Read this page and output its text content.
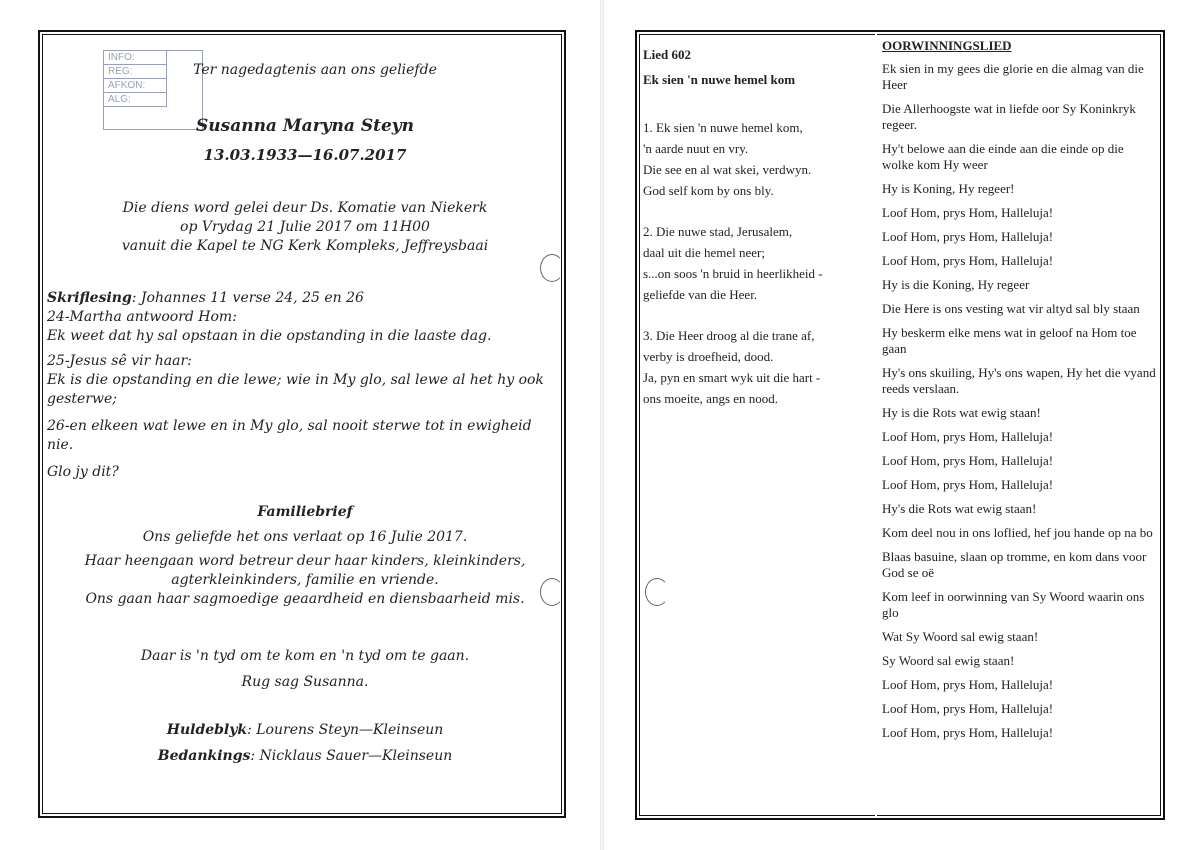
INFO:
REG:
AFKON:
ALG:

Ter nagedagtenis aan ons geliefde

Susanna Maryna Steyn

13.03.1933—16.07.2017

Die diens word gelei deur Ds. Komatie van Niekerk

op Vrydag 21 Julie 2017 om 11H00

vanuit die Kapel te NG Kerk Kompleks, Jeffreysbaai

Skriflesing: Johannes 11 verse 24, 25 en 26

24-Martha antwoord Hom:

Ek weet dat hy sal opstaan in die opstanding in die laaste dag.

25-Jesus sê vir haar:

Ek is die opstanding en die lewe; wie in My glo, sal lewe al het hy ook gesterwe;

26-en elkeen wat lewe en in My glo, sal nooit sterwe tot in ewigheid nie.

Glo jy dit?

Familiebrief

Ons geliefde het ons verlaat op 16 Julie 2017.

Haar heengaan word betreur deur haar kinders, kleinkinders,

agterkleinkinders, familie en vriende.

Ons gaan haar sagmoedige geaardheid en diensbaarheid mis.

Daar is 'n tyd om te kom en 'n tyd om te gaan.

Rug sag Susanna.

Huldeblyk: Lourens Steyn—Kleinseun

Bedankings: Nicklaus Sauer—Kleinseun

Lied 602

Ek sien 'n nuwe hemel kom

1. Ek sien 'n nuwe hemel kom,

'n aarde nuut en vry.

Die see en al wat skei, verdwyn.

God self kom by ons bly.

2. Die nuwe stad, Jerusalem,

daal uit die hemel neer;

s...on soos 'n bruid in heerlikheid -

geliefde van die Heer.

3. Die Heer droog al die trane af,

verby is droefheid, dood.

Ja, pyn en smart wyk uit die hart -

ons moeite, angs en nood.

OORWINNINGSLIED

Ek sien in my gees die glorie en die almag van die Heer

Die Allerhoogste wat in liefde oor Sy Koninkryk regeer.

Hy't belowe aan die einde aan die einde op die wolke kom Hy weer

Hy is Koning, Hy regeer!

Loof Hom, prys Hom, Halleluja!

Loof Hom, prys Hom, Halleluja!

Loof Hom, prys Hom, Halleluja!

Hy is die Koning, Hy regeer

Die Here is ons vesting wat vir altyd sal bly staan

Hy beskerm elke mens wat in geloof na Hom toe gaan

Hy's ons skuiling, Hy's ons wapen, Hy het die vyand reeds verslaan.

Hy is die Rots wat ewig staan!

Loof Hom, prys Hom, Halleluja!

Loof Hom, prys Hom, Halleluja!

Loof Hom, prys Hom, Halleluja!

Hy's die Rots wat ewig staan!

Kom deel nou in ons loflied, hef jou hande op na bo

Blaas basuine, slaan op tromme, en kom dans voor God se oë

Kom leef in oorwinning van Sy Woord waarin ons glo

Wat Sy Woord sal ewig staan!

Sy Woord sal ewig staan!

Loof Hom, prys Hom, Halleluja!

Loof Hom, prys Hom, Halleluja!

Loof Hom, prys Hom, Halleluja!
